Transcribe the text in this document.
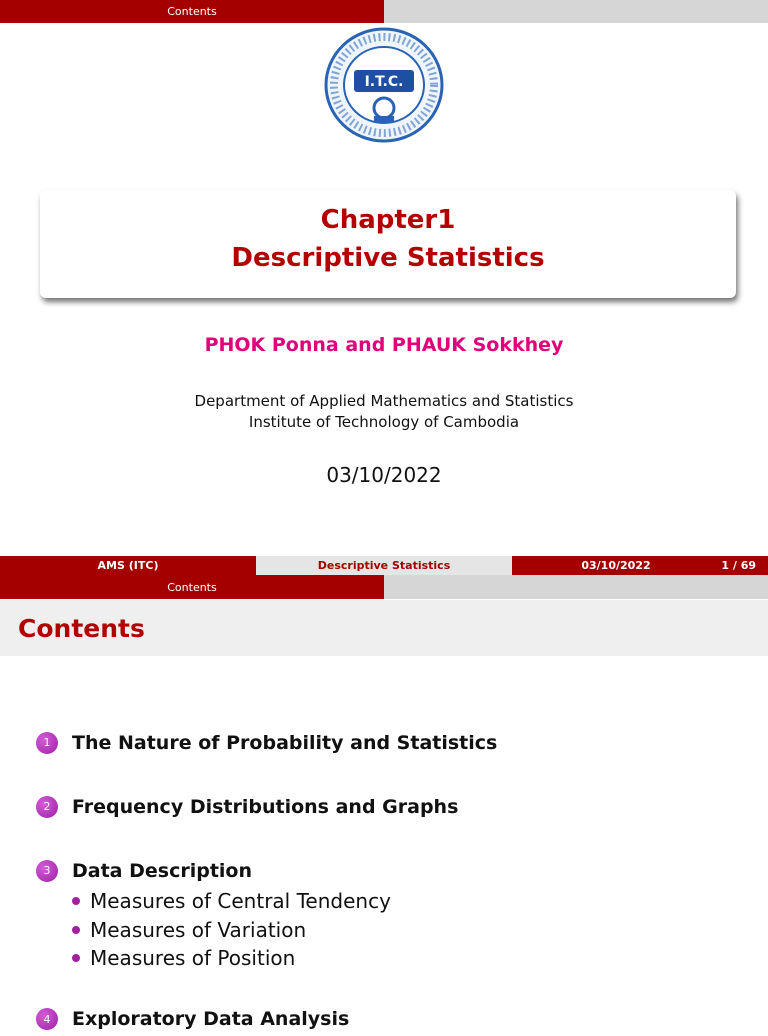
Contents
I.T.C.
Chapter1
Descriptive Statistics
PHOK Ponna and PHAUK Sokkhey
Department of Applied Mathematics and Statistics
Institute of Technology of Cambodia
03/10/2022
AMS (ITC)	Descriptive Statistics	03/10/2022	1 / 69
Contents
Contents
1	The Nature of Probability and Statistics
2	Frequency Distributions and Graphs
3	Data Description
Measures of Central Tendency
Measures of Variation
Measures of Position
4	Exploratory Data Analysis
